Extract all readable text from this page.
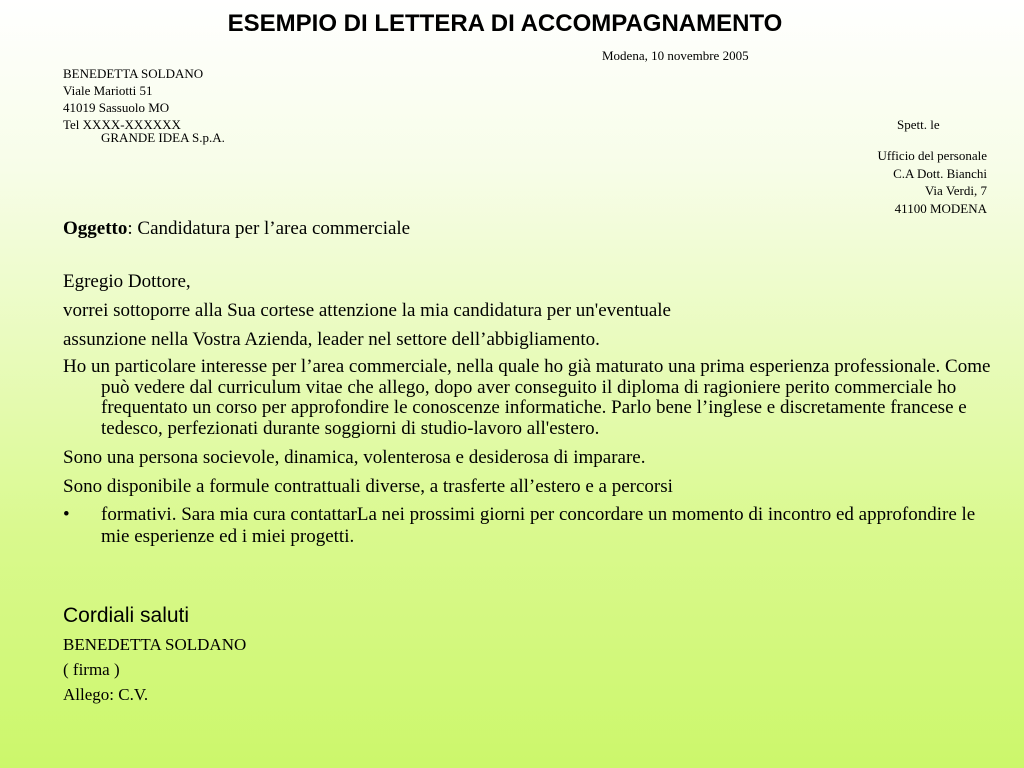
ESEMPIO DI LETTERA DI ACCOMPAGNAMENTO
Modena, 10 novembre 2005
BENEDETTA SOLDANO
Viale Mariotti 51
41019 Sassuolo MO
Tel XXXX-XXXXXX	Spett. le
GRANDE IDEA S.p.A.
Ufficio del personale
C.A Dott. Bianchi
Via Verdi, 7
41100 MODENA
Oggetto: Candidatura per l’area commerciale
Egregio Dottore,
vorrei sottoporre alla Sua cortese attenzione la mia candidatura per un'eventuale
assunzione nella Vostra Azienda, leader nel settore dell’abbigliamento.
Ho un particolare interesse per l’area commerciale, nella quale ho già maturato una prima esperienza professionale. Come può vedere dal curriculum vitae che allego, dopo aver conseguito il diploma di ragioniere perito commerciale ho frequentato un corso per approfondire le conoscenze informatiche. Parlo bene l’inglese e discretamente francese e tedesco, perfezionati durante soggiorni di studio-lavoro all'estero.
Sono una persona socievole, dinamica, volenterosa e desiderosa di imparare.
Sono disponibile a formule contrattuali diverse, a trasferte all’estero e a percorsi
• formativi. Sara mia cura contattarLa nei prossimi giorni per concordare un momento di incontro ed approfondire le mie esperienze ed i miei progetti.
Cordiali saluti
BENEDETTA SOLDANO
( firma )
Allego: C.V.
